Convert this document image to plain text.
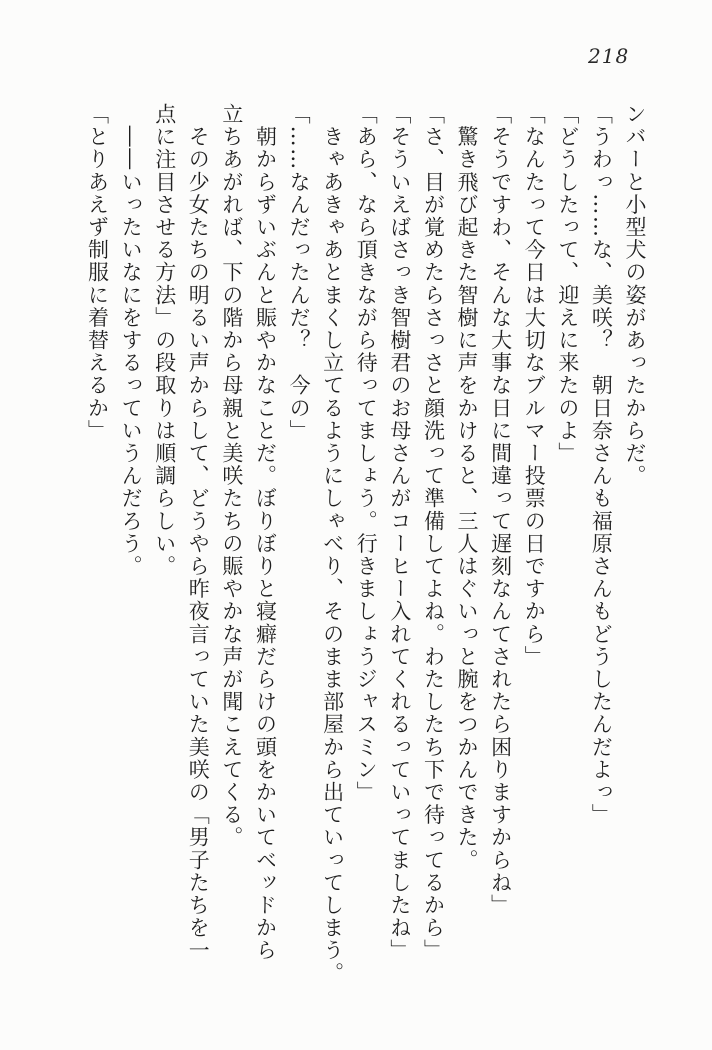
218

ンバーと小型犬の姿があったからだ。

「うわっ……な、美咲？　朝日奈さんも福原さんもどうしたんだよっ」

「どうしたって、迎えに来たのよ」

「なんたって今日は大切なブルマー投票の日ですから」

「そうですわ、そんな大事な日に間違って遅刻なんてされたら困りますからね」

　驚き飛び起きた智樹に声をかけると、三人はぐいっと腕をつかんできた。

「さ、目が覚めたらさっさと顔洗って準備してよね。わたしたち下で待ってるから」

「そういえばさっき智樹君のお母さんがコーヒー入れてくれるっていってましたね」

「あら、なら頂きながら待ってましょう。行きましょうジャスミン」

　きゃあきゃあとまくし立てるようにしゃべり、そのまま部屋から出ていってしまう。

「……なんだったんだ？　今の」

　朝からずいぶんと賑やかなことだ。ぼりぼりと寝癖だらけの頭をかいてベッドから

立ちあがれば、下の階から母親と美咲たちの賑やかな声が聞こえてくる。

　その少女たちの明るい声からして、どうやら昨夜言っていた美咲の「男子たちを一

点に注目させる方法」の段取りは順調らしい。

　――いったいなにをするっていうんだろう。

「とりあえず制服に着替えるか」
